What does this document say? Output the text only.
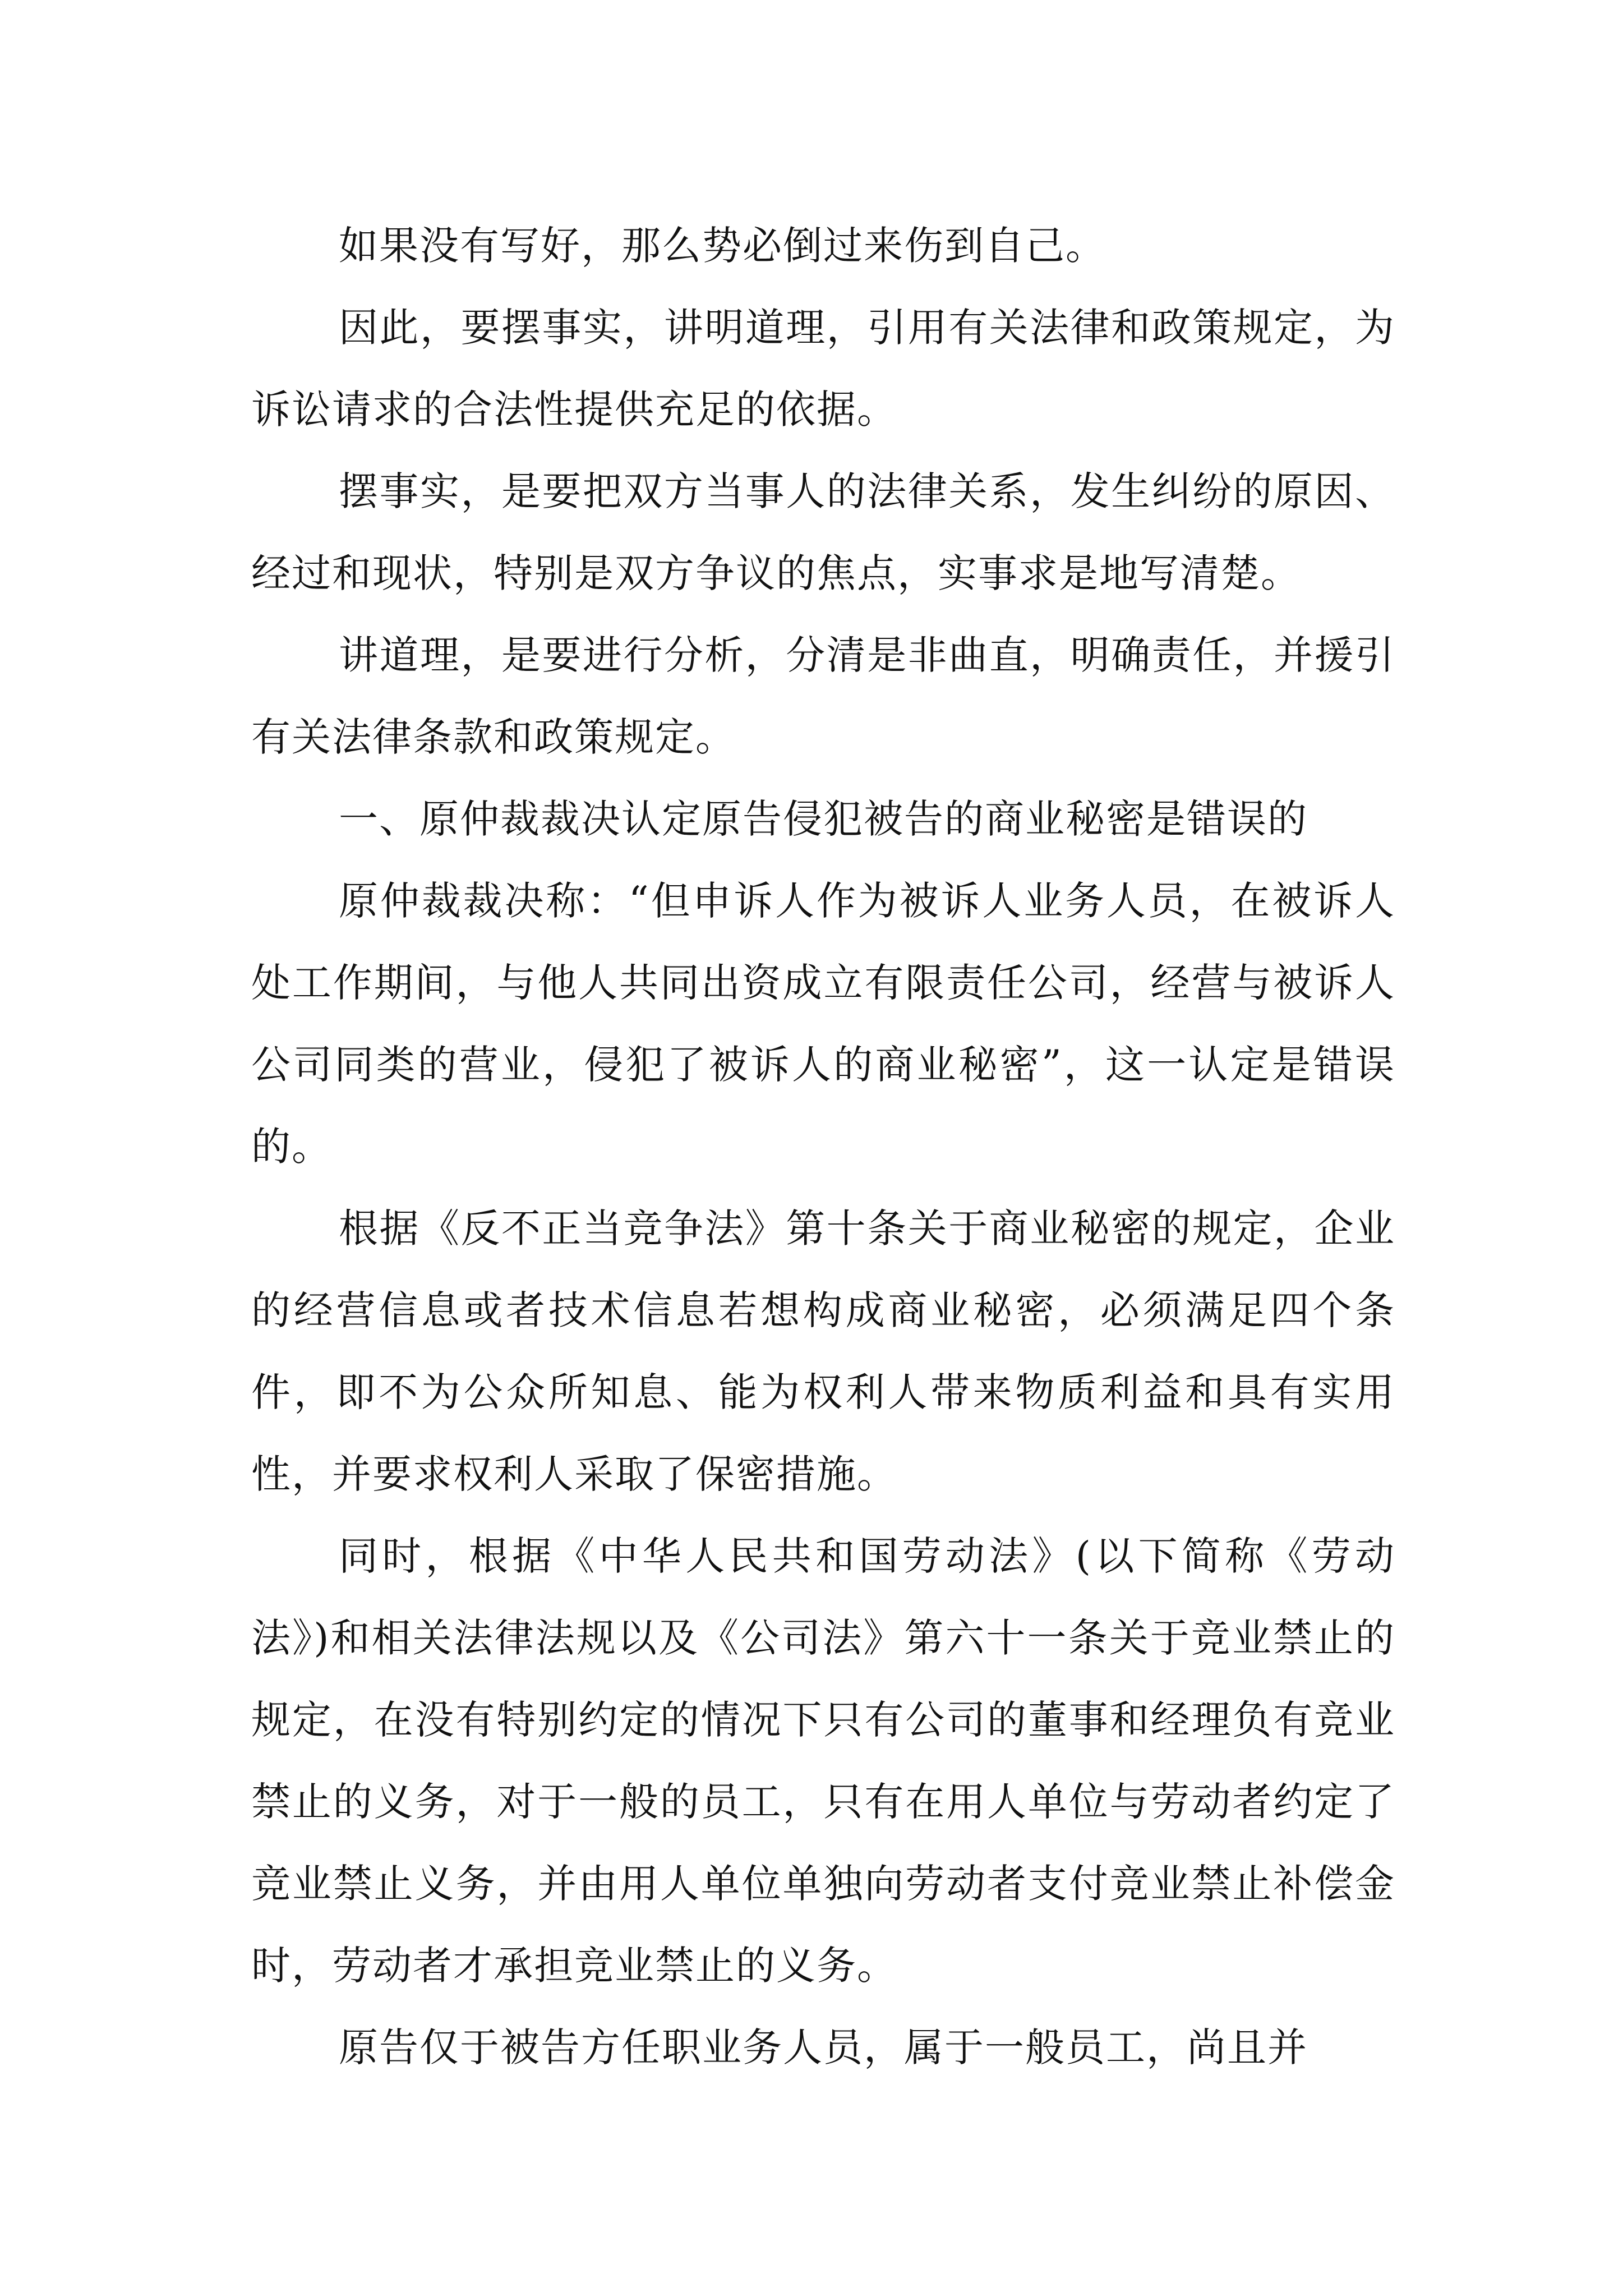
如果没有写好，那么势必倒过来伤到自己。

因此，要摆事实，讲明道理，引用有关法律和政策规定，为诉讼请求的合法性提供充足的依据。

摆事实，是要把双方当事人的法律关系，发生纠纷的原因、经过和现状，特别是双方争议的焦点，实事求是地写清楚。

讲道理，是要进行分析，分清是非曲直，明确责任，并援引有关法律条款和政策规定。

一、原仲裁裁决认定原告侵犯被告的商业秘密是错误的

原仲裁裁决称：“但申诉人作为被诉人业务人员，在被诉人处工作期间，与他人共同出资成立有限责任公司，经营与被诉人公司同类的营业，侵犯了被诉人的商业秘密”，这一认定是错误的。

根据《反不正当竞争法》第十条关于商业秘密的规定，企业的经营信息或者技术信息若想构成商业秘密，必须满足四个条件，即不为公众所知息、能为权利人带来物质利益和具有实用性，并要求权利人采取了保密措施。

同时，根据《中华人民共和国劳动法》(以下简称《劳动法》)和相关法律法规以及《公司法》第六十一条关于竞业禁止的规定，在没有特别约定的情况下只有公司的董事和经理负有竞业禁止的义务，对于一般的员工，只有在用人单位与劳动者约定了竞业禁止义务，并由用人单位单独向劳动者支付竞业禁止补偿金时，劳动者才承担竞业禁止的义务。

原告仅于被告方任职业务人员，属于一般员工，尚且并
